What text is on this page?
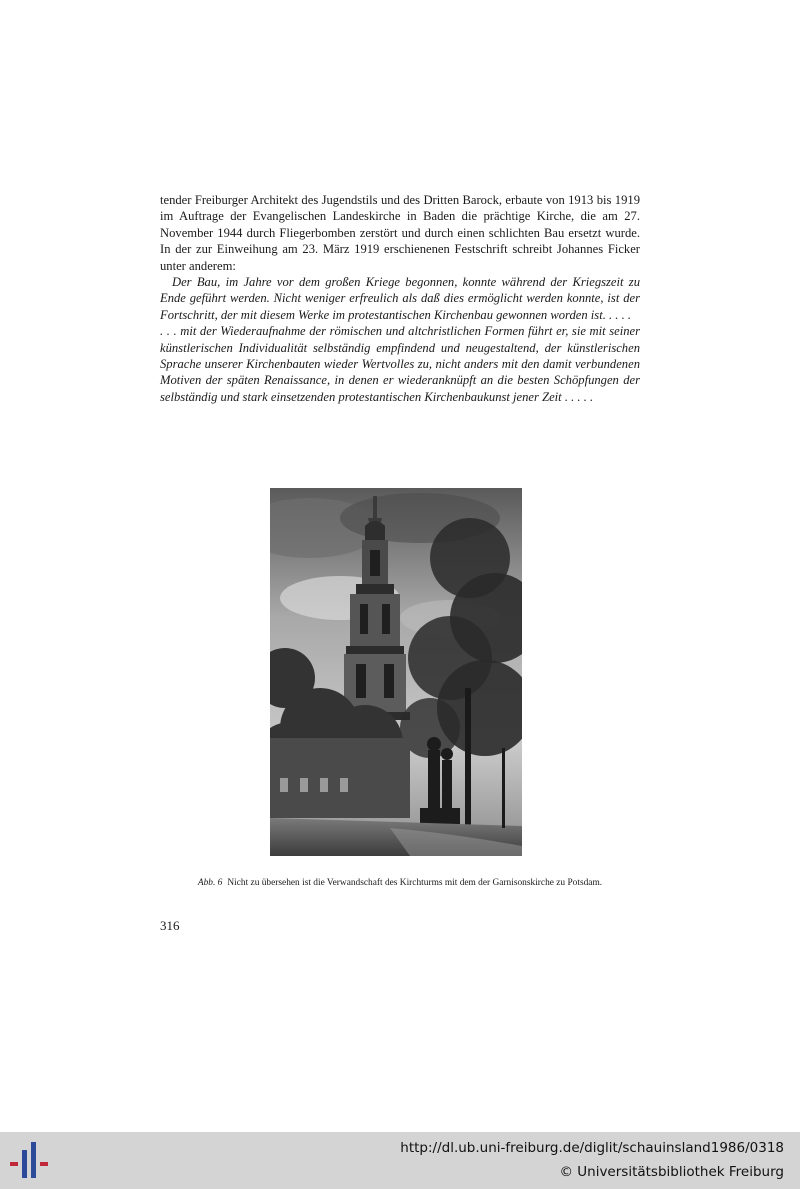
tender Freiburger Architekt des Jugendstils und des Dritten Barock, erbaute von 1913 bis 1919 im Auftrage der Evangelischen Landeskirche in Baden die prächtige Kirche, die am 27. November 1944 durch Fliegerbomben zerstört und durch einen schlichten Bau ersetzt wurde. In der zur Einweihung am 23. März 1919 erschienenen Festschrift schreibt Johannes Ficker unter anderem:

Der Bau, im Jahre vor dem großen Kriege begonnen, konnte während der Kriegszeit zu Ende geführt werden. Nicht weniger erfreulich als daß dies ermöglicht werden konnte, ist der Fortschritt, der mit diesem Werke im protestantischen Kirchenbau gewonnen worden ist. . . . .

. . . mit der Wiederaufnahme der römischen und altchristlichen Formen führt er, sie mit seiner künstlerischen Individualität selbständig empfindend und neugestaltend, der künstlerischen Sprache unserer Kirchenbauten wieder Wertvolles zu, nicht anders mit den damit verbundenen Motiven der späten Renaissance, in denen er wiederanknüpft an die besten Schöpfungen der selbständig und stark einsetzenden protestantischen Kirchenbaukunst jener Zeit . . . . .

Abb. 6 Nicht zu übersehen ist die Verwandschaft des Kirchturms mit dem der Garnisonskirche zu Potsdam.
316
http://dl.ub.uni-freiburg.de/diglit/schauinsland1986/0318
© Universitätsbibliothek Freiburg
